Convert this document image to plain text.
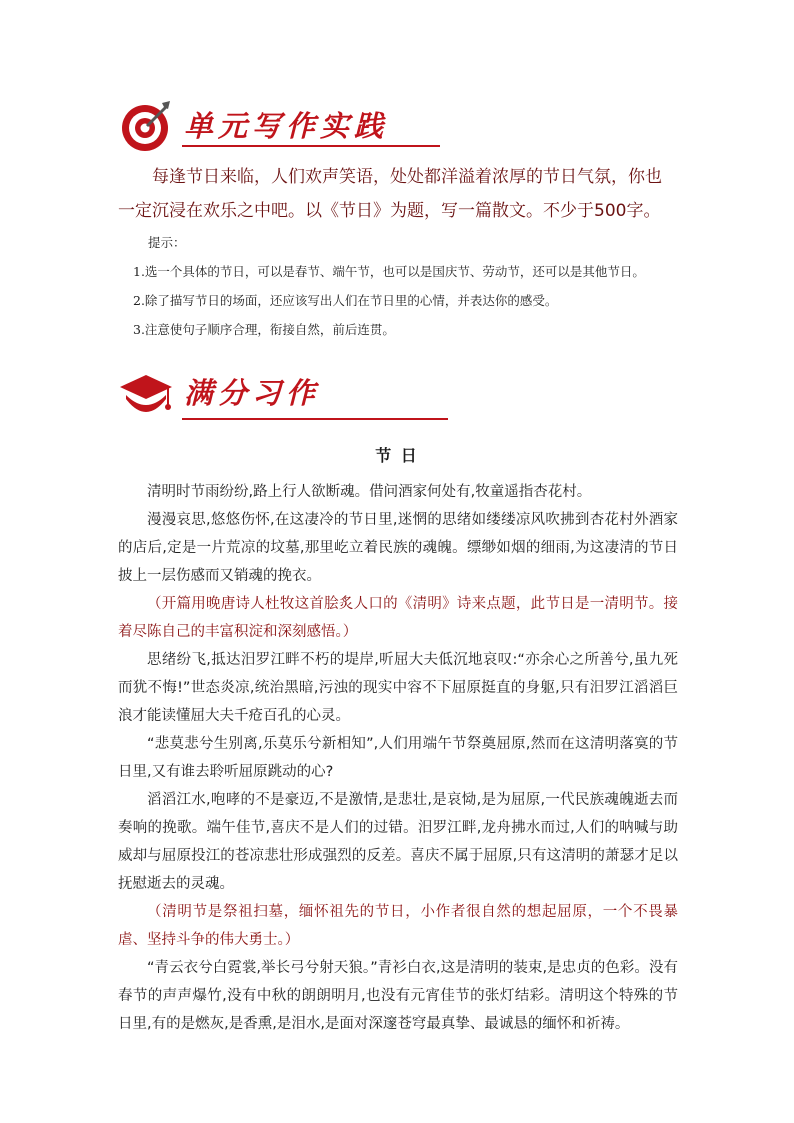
单元写作实践

每逢节日来临，人们欢声笑语，处处都洋溢着浓厚的节日气氛，你也一定沉浸在欢乐之中吧。以《节日》为题，写一篇散文。不少于500字。

提示：

1.选一个具体的节日，可以是春节、端午节，也可以是国庆节、劳动节，还可以是其他节日。

2.除了描写节日的场面，还应该写出人们在节日里的心情，并表达你的感受。

3.注意使句子顺序合理，衔接自然，前后连贯。

满分习作
节 日

清明时节雨纷纷,路上行人欲断魂。借问酒家何处有,牧童遥指杏花村。

漫漫哀思,悠悠伤怀,在这凄冷的节日里,迷惘的思绪如缕缕凉风吹拂到杏花村外酒家的店后,定是一片荒凉的坟墓,那里屹立着民族的魂魄。缥缈如烟的细雨,为这凄清的节日披上一层伤感而又销魂的挽衣。

（开篇用晚唐诗人杜牧这首脍炙人口的《清明》诗来点题，此节日是一清明节。接着尽陈自己的丰富积淀和深刻感悟。）

思绪纷飞,抵达汨罗江畔不朽的堤岸,听屈大夫低沉地哀叹:“亦余心之所善兮,虽九死而犹不悔!”世态炎凉,统治黑暗,污浊的现实中容不下屈原挺直的身躯,只有汨罗江滔滔巨浪才能读懂屈大夫千疮百孔的心灵。

“悲莫悲兮生别离,乐莫乐兮新相知”,人们用端午节祭奠屈原,然而在这清明落寞的节日里,又有谁去聆听屈原跳动的心?

滔滔江水,咆哮的不是豪迈,不是激情,是悲壮,是哀恸,是为屈原,一代民族魂魄逝去而奏响的挽歌。端午佳节,喜庆不是人们的过错。汨罗江畔,龙舟拂水而过,人们的呐喊与助威却与屈原投江的苍凉悲壮形成强烈的反差。喜庆不属于屈原,只有这清明的萧瑟才足以抚慰逝去的灵魂。

（清明节是祭祖扫墓，缅怀祖先的节日，小作者很自然的想起屈原，一个不畏暴虐、坚持斗争的伟大勇士。）

“青云衣兮白霓裳,举长弓兮射天狼。”青衫白衣,这是清明的装束,是忠贞的色彩。没有春节的声声爆竹,没有中秋的朗朗明月,也没有元宵佳节的张灯结彩。清明这个特殊的节日里,有的是燃灰,是香熏,是泪水,是面对深邃苍穹最真挚、最诚恳的缅怀和祈祷。
